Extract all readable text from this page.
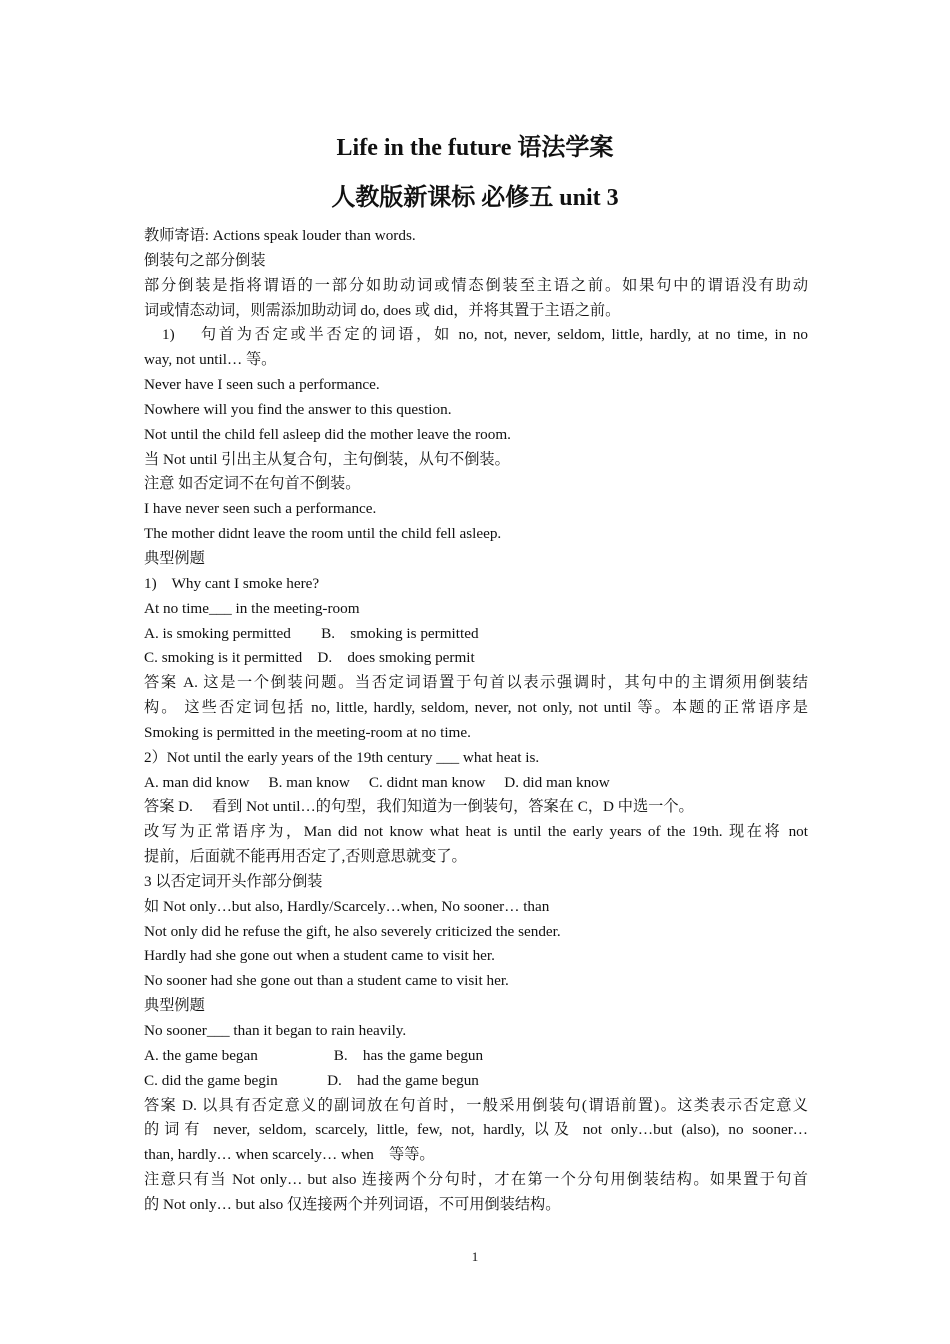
Life in the future 语法学案
人教版新课标 必修五 unit 3
教师寄语: Actions speak louder than words.
倒装句之部分倒装
部分倒装是指将谓语的一部分如助动词或情态倒装至主语之前。如果句中的谓语没有助动
词或情态动词，则需添加助动词 do, does 或 did，并将其置于主语之前。
1)    句首为否定或半否定的词语，如 no, not, never, seldom, little, hardly, at no time, in no
way, not until… 等。
Never have I seen such a performance.
Nowhere will you find the answer to this question.
Not until the child fell asleep did the mother leave the room.
当 Not until 引出主从复合句，主句倒装，从句不倒装。
注意 如否定词不在句首不倒装。
I have never seen such a performance.
The mother didnt leave the room until the child fell asleep.
典型例题
1)    Why cant I smoke here?
At no time___ in the meeting-room
A. is smoking permitted        B.    smoking is permitted
C. smoking is it permitted    D.    does smoking permit
答案 A. 这是一个倒装问题。当否定词语置于句首以表示强调时，其句中的主谓须用倒装结
构。 这些否定词包括 no, little, hardly, seldom, never, not only, not until 等。本题的正常语序是
Smoking is permitted in the meeting-room at no time.
2）Not until the early years of the 19th century ___ what heat is.
A. man did know     B. man know     C. didnt man know     D. did man know
答案 D.     看到 Not until…的句型，我们知道为一倒装句，答案在 C，D 中选一个。
改写为正常语序为，Man did not know what heat is until the early years of the 19th. 现在将 not
提前，后面就不能再用否定了,否则意思就变了。
3 以否定词开头作部分倒装
如 Not only…but also, Hardly/Scarcely…when, No sooner… than
Not only did he refuse the gift, he also severely criticized the sender.
Hardly had she gone out when a student came to visit her.
No sooner had she gone out than a student came to visit her.
典型例题
No sooner___ than it began to rain heavily.
A. the game began                    B.    has the game begun
C. did the game begin             D.    had the game begun
答案 D. 以具有否定意义的副词放在句首时，一般采用倒装句(谓语前置)。这类表示否定意义
的词有 never, seldom, scarcely, little, few, not, hardly, 以及 not only…but (also), no sooner…
than, hardly… when scarcely… when    等等。
注意只有当 Not only… but also 连接两个分句时，才在第一个分句用倒装结构。如果置于句首
的 Not only… but also 仅连接两个并列词语，不可用倒装结构。
1
